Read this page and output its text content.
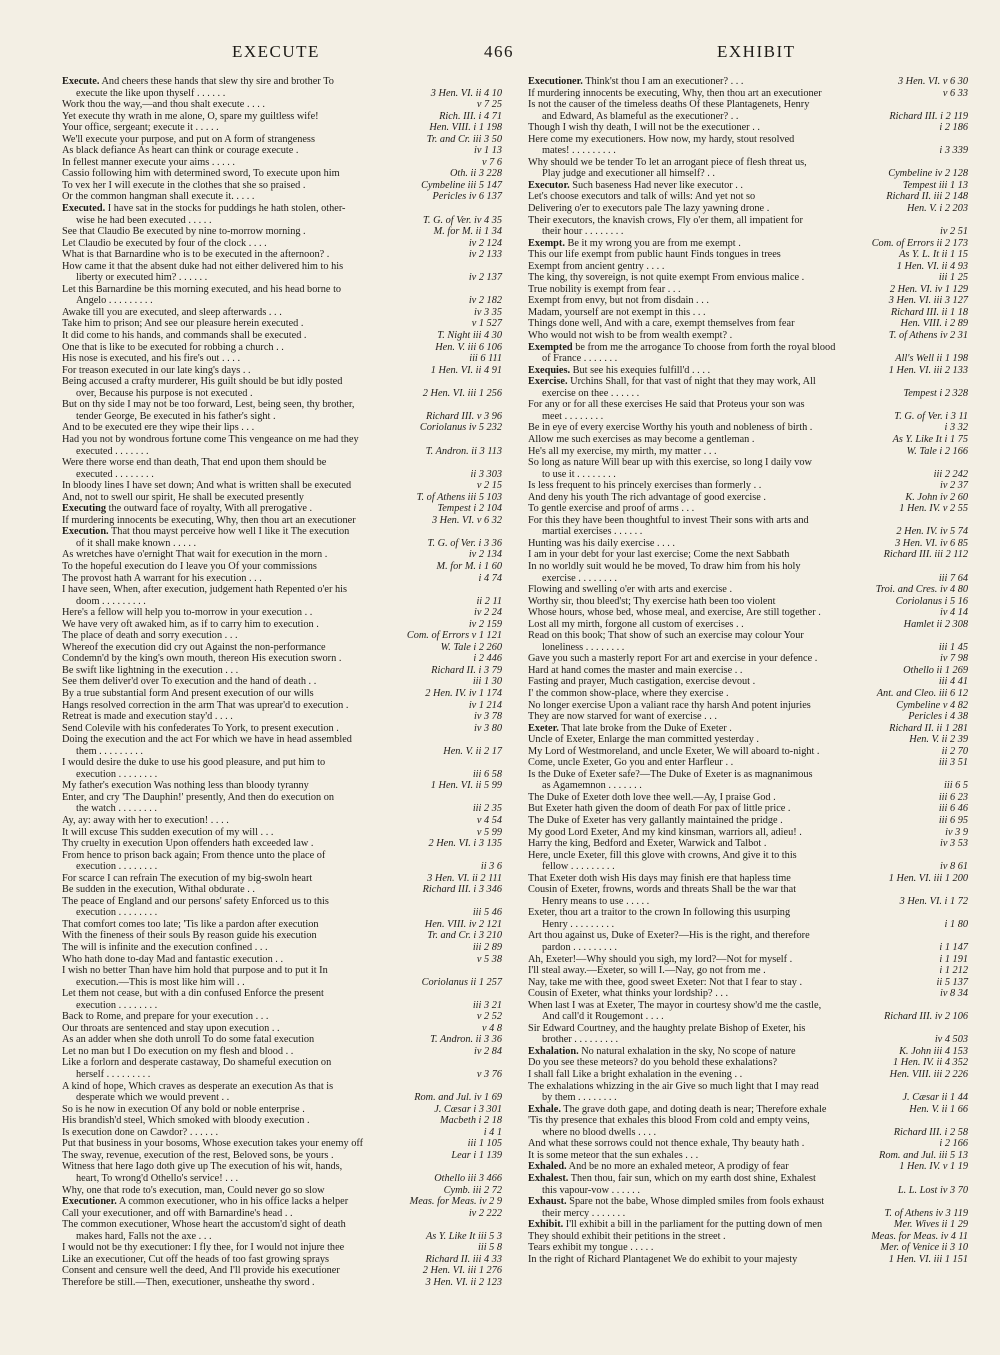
EXECUTE	466	EXHIBIT
Execute. And cheers these hands that slew thy sire and brother To
execute the like upon thyself . . . . . .	3 Hen. VI. ii 4 10
Work thou the way,—and thou shalt execute . . . .	v 7 25
Yet execute thy wrath in me alone, O, spare my guiltless wife!	Rich. III. i 4 71
Your office, sergeant; execute it . . . . .	Hen. VIII. i 1 198
We'll execute your purpose, and put on A form of strangeness	Tr. and Cr. iii 3 50
As black defiance As heart can think or courage execute .	iv 1 13
In fellest manner execute your aims . . . . .	v 7 6
Cassio following him with determined sword, To execute upon him	Oth. ii 3 228
To vex her I will execute in the clothes that she so praised .	Cymbeline iii 5 147
Or the common hangman shall execute it. . . . .	Pericles iv 6 137
Executed. I have sat in the stocks for puddings he hath stolen, other-
wise he had been executed . . . . .	T. G. of Ver. iv 4 35
See that Claudio Be executed by nine to-morrow morning .	M. for M. ii 1 34
Let Claudio be executed by four of the clock . . . .	iv 2 124
What is that Barnardine who is to be executed in the afternoon? .	iv 2 133
How came it that the absent duke had not either delivered him to his
liberty or executed him? . . . . . .	iv 2 137
Let this Barnardine be this morning executed, and his head borne to
Angelo . . . . . . . . .	iv 2 182
Awake till you are executed, and sleep afterwards . . .	iv 3 35
Take him to prison; And see our pleasure herein executed .	v 1 527
It did come to his hands, and commands shall be executed .	T. Night iii 4 30
One that is like to be executed for robbing a church . .	Hen. V. iii 6 106
His nose is executed, and his fire's out . . . .	iii 6 111
For treason executed in our late king's days . .	1 Hen. VI. ii 4 91
Being accused a crafty murderer, His guilt should be but idly posted
over, Because his purpose is not executed .	2 Hen. VI. iii 1 256
But on thy side I may not be too forward, Lest, being seen, thy brother,
tender George, Be executed in his father's sight .	Richard III. v 3 96
And to be executed ere they wipe their lips . . .	Coriolanus iv 5 232
Had you not by wondrous fortune come This vengeance on me had they
executed . . . . . . .	T. Andron. ii 3 113
Were there worse end than death, That end upon them should be
executed . . . . . . . .	ii 3 303
In bloody lines I have set down; And what is written shall be executed	v 2 15
And, not to swell our spirit, He shall be executed presently	T. of Athens iii 5 103
Executing the outward face of royalty, With all prerogative .	Tempest i 2 104
If murdering innocents be executing, Why, then thou art an executioner	3 Hen. VI. v 6 32
Execution. That thou mayst perceive how well I like it The execution
of it shall make known . . . . .	T. G. of Ver. i 3 36
As wretches have o'ernight That wait for execution in the morn .	iv 2 134
To the hopeful execution do I leave you Of your commissions	M. for M. i 1 60
The provost hath A warrant for his execution . . .	i 4 74
I have seen, When, after execution, judgement hath Repented o'er his
doom . . . . . . . . .	ii 2 11
Here's a fellow will help you to-morrow in your execution . .	iv 2 24
We have very oft awaked him, as if to carry him to execution .	iv 2 159
The place of death and sorry execution . . .	Com. of Errors v 1 121
Whereof the execution did cry out Against the non-performance	W. Tale i 2 260
Condemn'd by the king's own mouth, thereon His execution sworn .	i 2 446
Be swift like lightning in the execution . . .	Richard II. i 3 79
See them deliver'd over To execution and the hand of death . .	iii 1 30
By a true substantial form And present execution of our wills	2 Hen. IV. iv 1 174
Hangs resolved correction in the arm That was uprear'd to execution .	iv 1 214
Retreat is made and execution stay'd . . . .	iv 3 78
Send Colevile with his confederates To York, to present execution .	iv 3 80
Doing the execution and the act For which we have in head assembled
them . . . . . . . . .	Hen. V. ii 2 17
I would desire the duke to use his good pleasure, and put him to
execution . . . . . . . .	iii 6 58
My father's execution Was nothing less than bloody tyranny	1 Hen. VI. ii 5 99
Enter, and cry 'The Dauphin!' presently, And then do execution on
the watch . . . . . . . .	iii 2 35
Ay, ay: away with her to execution! . . . .	v 4 54
It will excuse This sudden execution of my will . . .	v 5 99
Thy cruelty in execution Upon offenders hath exceeded law .	2 Hen. VI. i 3 135
From hence to prison back again; From thence unto the place of
execution . . . . . . . .	ii 3 6
For scarce I can refrain The execution of my big-swoln heart	3 Hen. VI. ii 2 111
Be sudden in the execution, Withal obdurate . .	Richard III. i 3 346
The peace of England and our persons' safety Enforced us to this
execution . . . . . . . .	iii 5 46
That comfort comes too late; 'Tis like a pardon after execution	Hen. VIII. iv 2 121
With the fineness of their souls By reason guide his execution	Tr. and Cr. i 3 210
The will is infinite and the execution confined . . .	iii 2 89
Who hath done to-day Mad and fantastic execution . .	v 5 38
I wish no better Than have him hold that purpose and to put it In
execution.—This is most like him will . .	Coriolanus ii 1 257
Let them not cease, but with a din confused Enforce the present
execution . . . . . . . .	iii 3 21
Back to Rome, and prepare for your execution . . .	v 2 52
Our throats are sentenced and stay upon execution . .	v 4 8
As an adder when she doth unroll To do some fatal execution	T. Andron. ii 3 36
Let no man but I Do execution on my flesh and blood . .	iv 2 84
Like a forlorn and desperate castaway, Do shameful execution on
herself . . . . . . . . .	v 3 76
A kind of hope, Which craves as desperate an execution As that is
desperate which we would prevent . .	Rom. and Jul. iv 1 69
So is he now in execution Of any bold or noble enterprise .	J. Cæsar i 3 301
His brandish'd steel, Which smoked with bloody execution .	Macbeth i 2 18
Is execution done on Cawdor? . . . . . .	i 4 1
Put that business in your bosoms, Whose execution takes your enemy off	iii 1 105
The sway, revenue, execution of the rest, Beloved sons, be yours .	Lear i 1 139
Witness that here Iago doth give up The execution of his wit, hands,
heart, To wrong'd Othello's service! . . .	Othello iii 3 466
Why, one that rode to's execution, man, Could never go so slow	Cymb. iii 2 72
Executioner. A common executioner, who in his office lacks a helper	Meas. for Meas. iv 2 9
Call your executioner, and off with Barnardine's head . .	iv 2 222
The common executioner, Whose heart the accustom'd sight of death
makes hard, Falls not the axe . . .	As Y. Like It iii 5 3
I would not be thy executioner: I fly thee, for I would not injure thee	iii 5 8
Like an executioner, Cut off the heads of too fast growing sprays	Richard II. iii 4 33
Consent and censure well the deed, And I'll provide his executioner	2 Hen. VI. iii 1 276
Therefore be still.—Then, executioner, unsheathe thy sword .	3 Hen. VI. ii 2 123
Executioner. Think'st thou I am an executioner? . . .	3 Hen. VI. v 6 30
If murdering innocents be executing, Why, then thou art an executioner	v 6 33
Is not the causer of the timeless deaths Of these Plantagenets, Henry
and Edward, As blameful as the executioner? . .	Richard III. i 2 119
Though I wish thy death, I will not be the executioner . .	i 2 186
Here come my executioners. How now, my hardy, stout resolved
mates! . . . . . . . . .	i 3 339
Why should we be tender To let an arrogant piece of flesh threat us,
Play judge and executioner all himself? . .	Cymbeline iv 2 128
Executor. Such baseness Had never like executor . .	Tempest iii 1 13
Let's choose executors and talk of wills: And yet not so	Richard II. iii 2 148
Delivering o'er to executors pale The lazy yawning drone .	Hen. V. i 2 203
Their executors, the knavish crows, Fly o'er them, all impatient for
their hour . . . . . . . .	iv 2 51
Exempt. Be it my wrong you are from me exempt .	Com. of Errors ii 2 173
This our life exempt from public haunt Finds tongues in trees	As Y. L. It ii 1 15
Exempt from ancient gentry . . . .	1 Hen. VI. ii 4 93
The king, thy sovereign, is not quite exempt From envious malice .	iii 1 25
True nobility is exempt from fear . . .	2 Hen. VI. iv 1 129
Exempt from envy, but not from disdain . . .	3 Hen. VI. iii 3 127
Madam, yourself are not exempt in this . . .	Richard III. ii 1 18
Things done well, And with a care, exempt themselves from fear	Hen. VIII. i 2 89
Who would not wish to be from wealth exempt? .	T. of Athens iv 2 31
Exempted be from me the arrogance To choose from forth the royal blood
of France . . . . . . .	All's Well ii 1 198
Exequies. But see his exequies fulfill'd . . . .	1 Hen. VI. iii 2 133
Exercise. Urchins Shall, for that vast of night that they may work, All
exercise on thee . . . . . .	Tempest i 2 328
For any or for all these exercises He said that Proteus your son was
meet . . . . . . . .	T. G. of Ver. i 3 11
Be in eye of every exercise Worthy his youth and nobleness of birth .	i 3 32
Allow me such exercises as may become a gentleman .	As Y. Like It i 1 75
He's all my exercise, my mirth, my matter . . .	W. Tale i 2 166
So long as nature Will bear up with this exercise, so long I daily vow
to use it . . . . . . . .	iii 2 242
Is less frequent to his princely exercises than formerly . .	iv 2 37
And deny his youth The rich advantage of good exercise .	K. John iv 2 60
To gentle exercise and proof of arms . . .	1 Hen. IV. v 2 55
For this they have been thoughtful to invest Their sons with arts and
martial exercises . . . . . .	2 Hen. IV. iv 5 74
Hunting was his daily exercise . . . .	3 Hen. VI. iv 6 85
I am in your debt for your last exercise; Come the next Sabbath	Richard III. iii 2 112
In no worldly suit would he be moved, To draw him from his holy
exercise . . . . . . . .	iii 7 64
Flowing and swelling o'er with arts and exercise .	Troi. and Cres. iv 4 80
Worthy sir, thou bleed'st; Thy exercise hath been too violent	Coriolanus i 5 16
Whose hours, whose bed, whose meal, and exercise, Are still together .	iv 4 14
Lost all my mirth, forgone all custom of exercises . .	Hamlet ii 2 308
Read on this book; That show of such an exercise may colour Your
loneliness . . . . . . . .	iii 1 45
Gave you such a masterly report For art and exercise in your defence .	iv 7 98
Hard at hand comes the master and main exercise . .	Othello ii 1 269
Fasting and prayer, Much castigation, exercise devout .	iii 4 41
I' the common show-place, where they exercise .	Ant. and Cleo. iii 6 12
No longer exercise Upon a valiant race thy harsh And potent injuries	Cymbeline v 4 82
They are now starved for want of exercise . . .	Pericles i 4 38
Exeter. That late broke from the Duke of Exeter .	Richard II. ii 1 281
Uncle of Exeter, Enlarge the man committed yesterday .	Hen. V. ii 2 39
My Lord of Westmoreland, and uncle Exeter, We will aboard to-night .	ii 2 70
Come, uncle Exeter, Go you and enter Harfleur . .	iii 3 51
Is the Duke of Exeter safe?—The Duke of Exeter is as magnanimous
as Agamemnon . . . . . . .	iii 6 5
The Duke of Exeter doth love thee well.—Ay, I praise God .	iii 6 23
But Exeter hath given the doom of death For pax of little price .	iii 6 46
The Duke of Exeter has very gallantly maintained the pridge .	iii 6 95
My good Lord Exeter, And my kind kinsman, warriors all, adieu! .	iv 3 9
Harry the king, Bedford and Exeter, Warwick and Talbot .	iv 3 53
Here, uncle Exeter, fill this glove with crowns, And give it to this
fellow . . . . . . . . .	iv 8 61
That Exeter doth wish His days may finish ere that hapless time	1 Hen. VI. iii 1 200
Cousin of Exeter, frowns, words and threats Shall be the war that
Henry means to use . . . . .	3 Hen. VI. i 1 72
Exeter, thou art a traitor to the crown In following this usurping
Henry . . . . . . . . .	i 1 80
Art thou against us, Duke of Exeter?—His is the right, and therefore
pardon . . . . . . . . .	i 1 147
Ah, Exeter!—Why should you sigh, my lord?—Not for myself .	i 1 191
I'll steal away.—Exeter, so will I.—Nay, go not from me .	i 1 212
Nay, take me with thee, good sweet Exeter: Not that I fear to stay .	ii 5 137
Cousin of Exeter, what thinks your lordship? . . .	iv 8 34
When last I was at Exeter, The mayor in courtesy show'd me the castle,
And call'd it Rougemont . . . .	Richard III. iv 2 106
Sir Edward Courtney, and the haughty prelate Bishop of Exeter, his
brother . . . . . . . . .	iv 4 503
Exhalation. No natural exhalation in the sky, No scope of nature	K. John iii 4 153
Do you see these meteors? do you behold these exhalations?	1 Hen. IV. ii 4 352
I shall fall Like a bright exhalation in the evening . .	Hen. VIII. iii 2 226
The exhalations whizzing in the air Give so much light that I may read
by them . . . . . . . .	J. Cæsar ii 1 44
Exhale. The grave doth gape, and doting death is near; Therefore exhale	Hen. V. ii 1 66
'Tis thy presence that exhales this blood From cold and empty veins,
where no blood dwells . . . .	Richard III. i 2 58
And what these sorrows could not thence exhale, Thy beauty hath .	i 2 166
It is some meteor that the sun exhales . . .	Rom. and Jul. iii 5 13
Exhaled. And be no more an exhaled meteor, A prodigy of fear	1 Hen. IV. v 1 19
Exhalest. Then thou, fair sun, which on my earth dost shine, Exhalest
this vapour-vow . . . . . .	L. L. Lost iv 3 70
Exhaust. Spare not the babe, Whose dimpled smiles from fools exhaust
their mercy . . . . . . .	T. of Athens iv 3 119
Exhibit. I'll exhibit a bill in the parliament for the putting down of men	Mer. Wives ii 1 29
They should exhibit their petitions in the street .	Meas. for Meas. iv 4 11
Tears exhibit my tongue . . . . .	Mer. of Venice ii 3 10
In the right of Richard Plantagenet We do exhibit to your majesty	1 Hen. VI. iii 1 151
